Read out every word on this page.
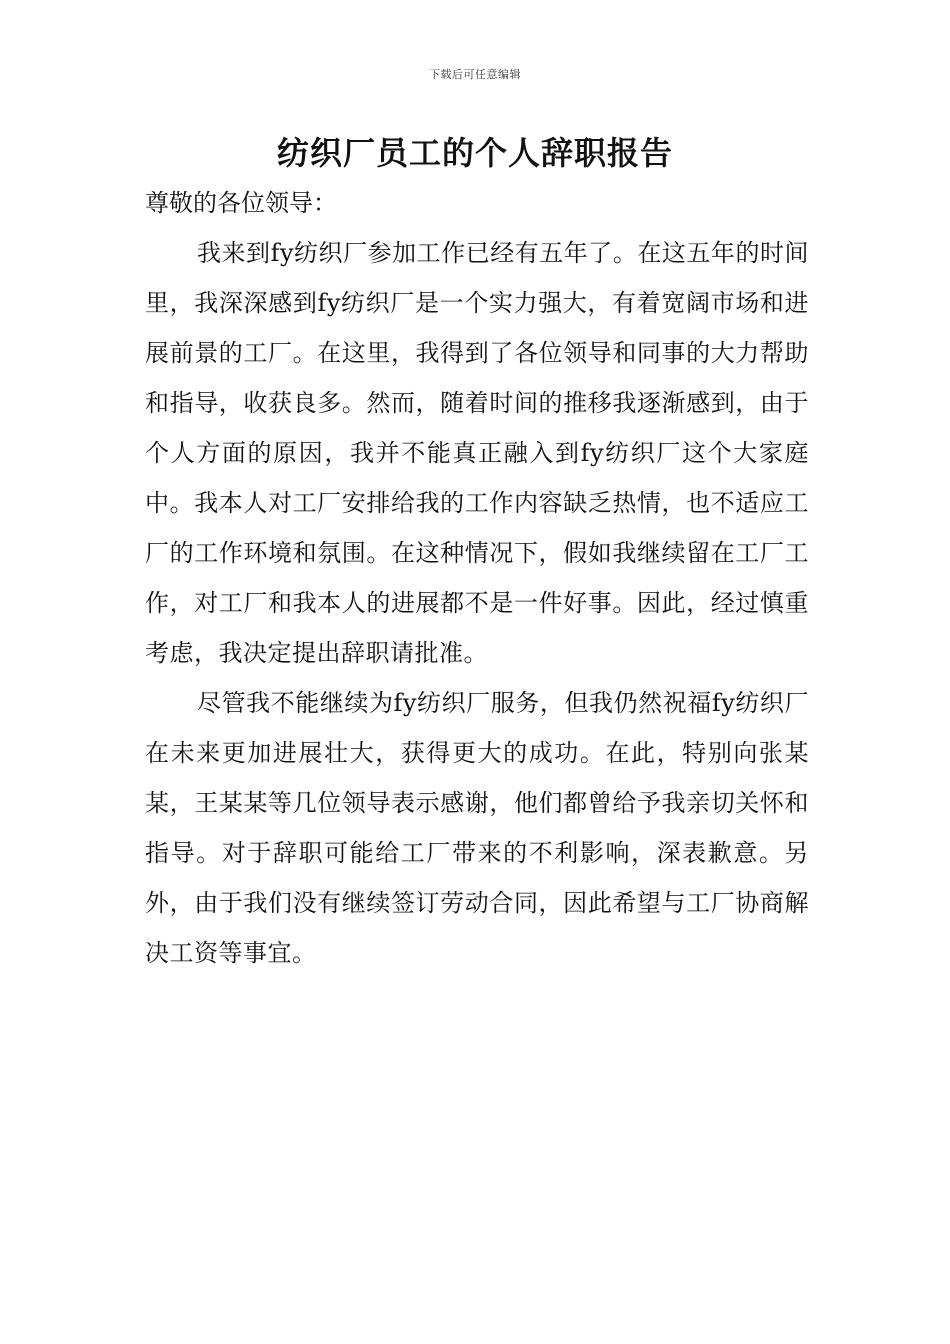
下载后可任意编辑
纺织厂员工的个人辞职报告

尊敬的各位领导：

我来到fy纺织厂参加工作已经有五年了。在这五年的时间里，我深深感到fy纺织厂是一个实力强大，有着宽阔市场和进展前景的工厂。在这里，我得到了各位领导和同事的大力帮助和指导，收获良多。然而，随着时间的推移我逐渐感到，由于个人方面的原因，我并不能真正融入到fy纺织厂这个大家庭中。我本人对工厂安排给我的工作内容缺乏热情，也不适应工厂的工作环境和氛围。在这种情况下，假如我继续留在工厂工作，对工厂和我本人的进展都不是一件好事。因此，经过慎重考虑，我决定提出辞职请批准。

尽管我不能继续为fy纺织厂服务，但我仍然祝福fy纺织厂在未来更加进展壮大，获得更大的成功。在此，特别向张某某，王某某等几位领导表示感谢，他们都曾给予我亲切关怀和指导。对于辞职可能给工厂带来的不利影响，深表歉意。另外，由于我们没有继续签订劳动合同，因此希望与工厂协商解决工资等事宜。
